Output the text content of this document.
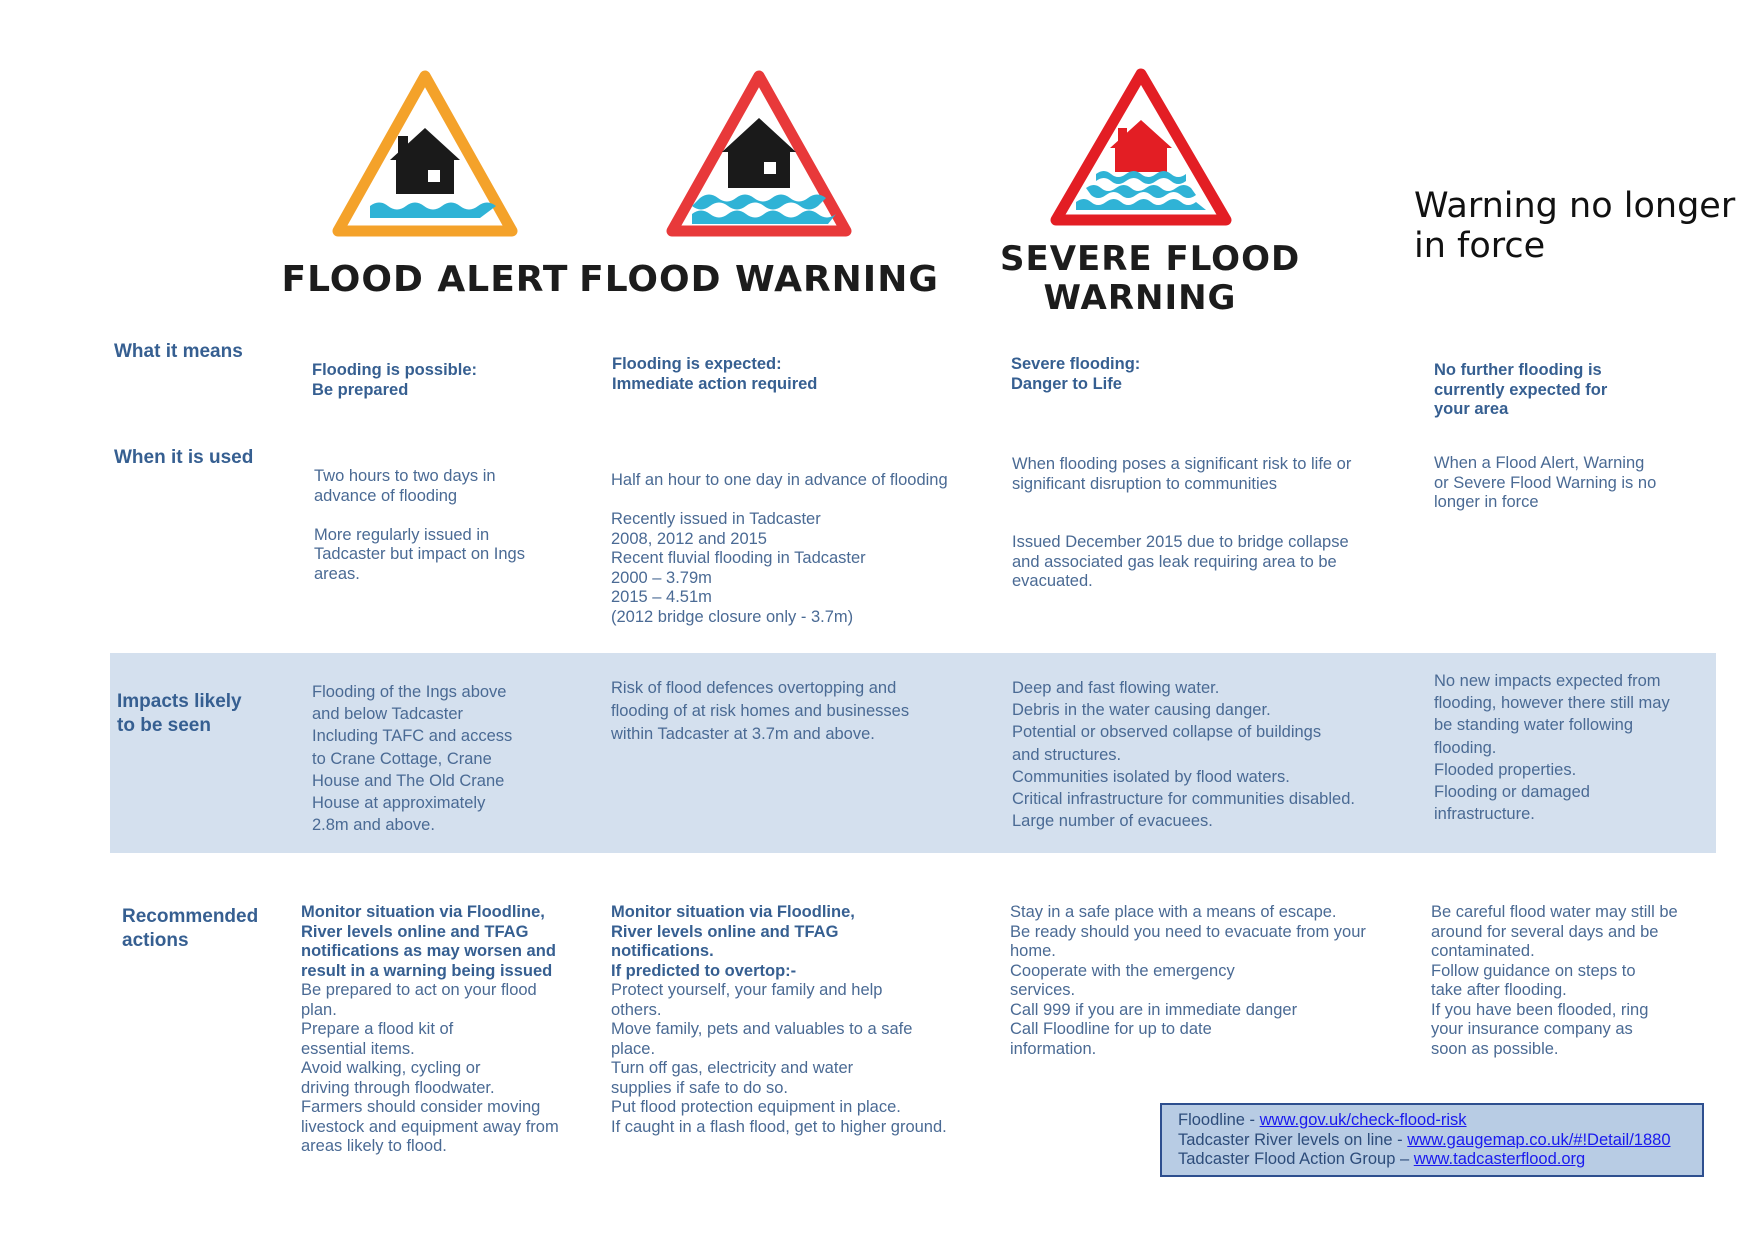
FLOOD ALERT FLOOD WARNING SEVERE FLOOD
WARNING
Warning no longer
in force
What it means
When it is used
Impacts likely
to be seen
Recommended
actions
Flooding is possible:
Be prepared
Flooding is expected:
Immediate action required
Severe flooding:
Danger to Life
No further flooding is
currently expected for
your area
Two hours to two days in
advance of flooding
More regularly issued in
Tadcaster but impact on Ings
areas.
Half an hour to one day in advance of flooding
Recently issued in Tadcaster
2008, 2012 and 2015
Recent fluvial flooding in Tadcaster
2000 – 3.79m
2015 – 4.51m
(2012 bridge closure only - 3.7m)
When flooding poses a significant risk to life or
significant disruption to communities
Issued December 2015 due to bridge collapse
and associated gas leak requiring area to be
evacuated.
When a Flood Alert, Warning
or Severe Flood Warning is no
longer in force
Flooding of the Ings above
and below Tadcaster
Including TAFC and access
to Crane Cottage, Crane
House and The Old Crane
House at approximately
2.8m and above.
Risk of flood defences overtopping and
flooding of at risk homes and businesses
within Tadcaster at 3.7m and above.
Deep and fast flowing water.
Debris in the water causing danger.
Potential or observed collapse of buildings
and structures.
Communities isolated by flood waters.
Critical infrastructure for communities disabled.
Large number of evacuees.
No new impacts expected from
flooding, however there still may
be standing water following
flooding.
Flooded properties.
Flooding or damaged
infrastructure.
Monitor situation via Floodline,
River levels online and TFAG
notifications as may worsen and
result in a warning being issued
Be prepared to act on your flood
plan.
Prepare a flood kit of
essential items.
Avoid walking, cycling or
driving through floodwater.
Farmers should consider moving
livestock and equipment away from
areas likely to flood.
Monitor situation via Floodline,
River levels online and TFAG
notifications.
If predicted to overtop:-
Protect yourself, your family and help
others.
Move family, pets and valuables to a safe
place.
Turn off gas, electricity and water
supplies if safe to do so.
Put flood protection equipment in place.
If caught in a flash flood, get to higher ground.
Stay in a safe place with a means of escape.
Be ready should you need to evacuate from your
home.
Cooperate with the emergency
services.
Call 999 if you are in immediate danger
Call Floodline for up to date
information.
Be careful flood water may still be
around for several days and be
contaminated.
Follow guidance on steps to
take after flooding.
If you have been flooded, ring
your insurance company as
soon as possible.
Floodline - www.gov.uk/check-flood-risk
Tadcaster River levels on line - www.gaugemap.co.uk/#!Detail/1880
Tadcaster Flood Action Group – www.tadcasterflood.org
